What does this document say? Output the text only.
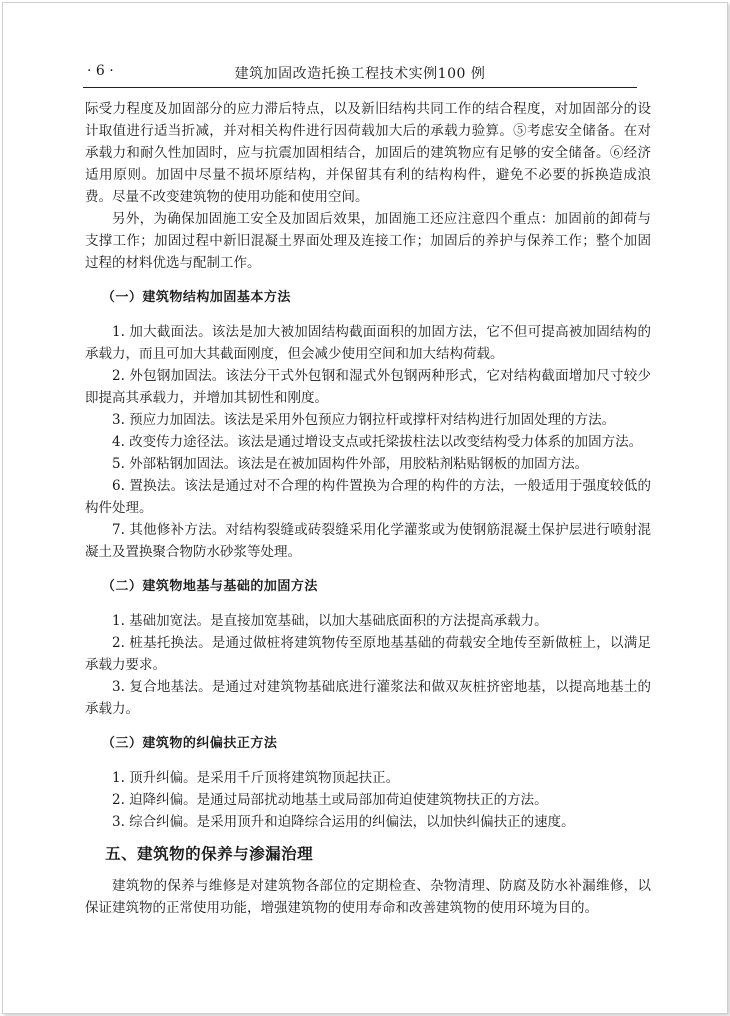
· 6 ·	建筑加固改造托换工程技术实例100 例

际受力程度及加固部分的应力滞后特点，以及新旧结构共同工作的结合程度，对加固部分的设计取值进行适当折减，并对相关构件进行因荷载加大后的承载力验算。⑤考虑安全储备。在对承载力和耐久性加固时，应与抗震加固相结合，加固后的建筑物应有足够的安全储备。⑥经济适用原则。加固中尽量不损坏原结构，并保留其有利的结构构件，避免不必要的拆换造成浪费。尽量不改变建筑物的使用功能和使用空间。

另外，为确保加固施工安全及加固后效果，加固施工还应注意四个重点：加固前的卸荷与支撑工作；加固过程中新旧混凝土界面处理及连接工作；加固后的养护与保养工作；整个加固过程的材料优选与配制工作。

（一）建筑物结构加固基本方法

1. 加大截面法。该法是加大被加固结构截面面积的加固方法，它不但可提高被加固结构的承载力，而且可加大其截面刚度，但会减少使用空间和加大结构荷载。

2. 外包钢加固法。该法分干式外包钢和湿式外包钢两种形式，它对结构截面增加尺寸较少即提高其承载力，并增加其韧性和刚度。

3. 预应力加固法。该法是采用外包预应力钢拉杆或撑杆对结构进行加固处理的方法。

4. 改变传力途径法。该法是通过增设支点或托梁拔柱法以改变结构受力体系的加固方法。

5. 外部粘钢加固法。该法是在被加固构件外部，用胶粘剂粘贴钢板的加固方法。

6. 置换法。该法是通过对不合理的构件置换为合理的构件的方法，一般适用于强度较低的构件处理。

7. 其他修补方法。对结构裂缝或砖裂缝采用化学灌浆或为使钢筋混凝土保护层进行喷射混凝土及置换聚合物防水砂浆等处理。

（二）建筑物地基与基础的加固方法

1. 基础加宽法。是直接加宽基础，以加大基础底面积的方法提高承载力。

2. 桩基托换法。是通过做桩将建筑物传至原地基基础的荷载安全地传至新做桩上，以满足承载力要求。

3. 复合地基法。是通过对建筑物基础底进行灌浆法和做双灰桩挤密地基，以提高地基土的承载力。

（三）建筑物的纠偏扶正方法

1. 顶升纠偏。是采用千斤顶将建筑物顶起扶正。

2. 迫降纠偏。是通过局部扰动地基土或局部加荷迫使建筑物扶正的方法。

3. 综合纠偏。是采用顶升和迫降综合运用的纠偏法，以加快纠偏扶正的速度。

五、建筑物的保养与渗漏治理

建筑物的保养与维修是对建筑物各部位的定期检查、杂物清理、防腐及防水补漏维修，以保证建筑物的正常使用功能，增强建筑物的使用寿命和改善建筑物的使用环境为目的。
